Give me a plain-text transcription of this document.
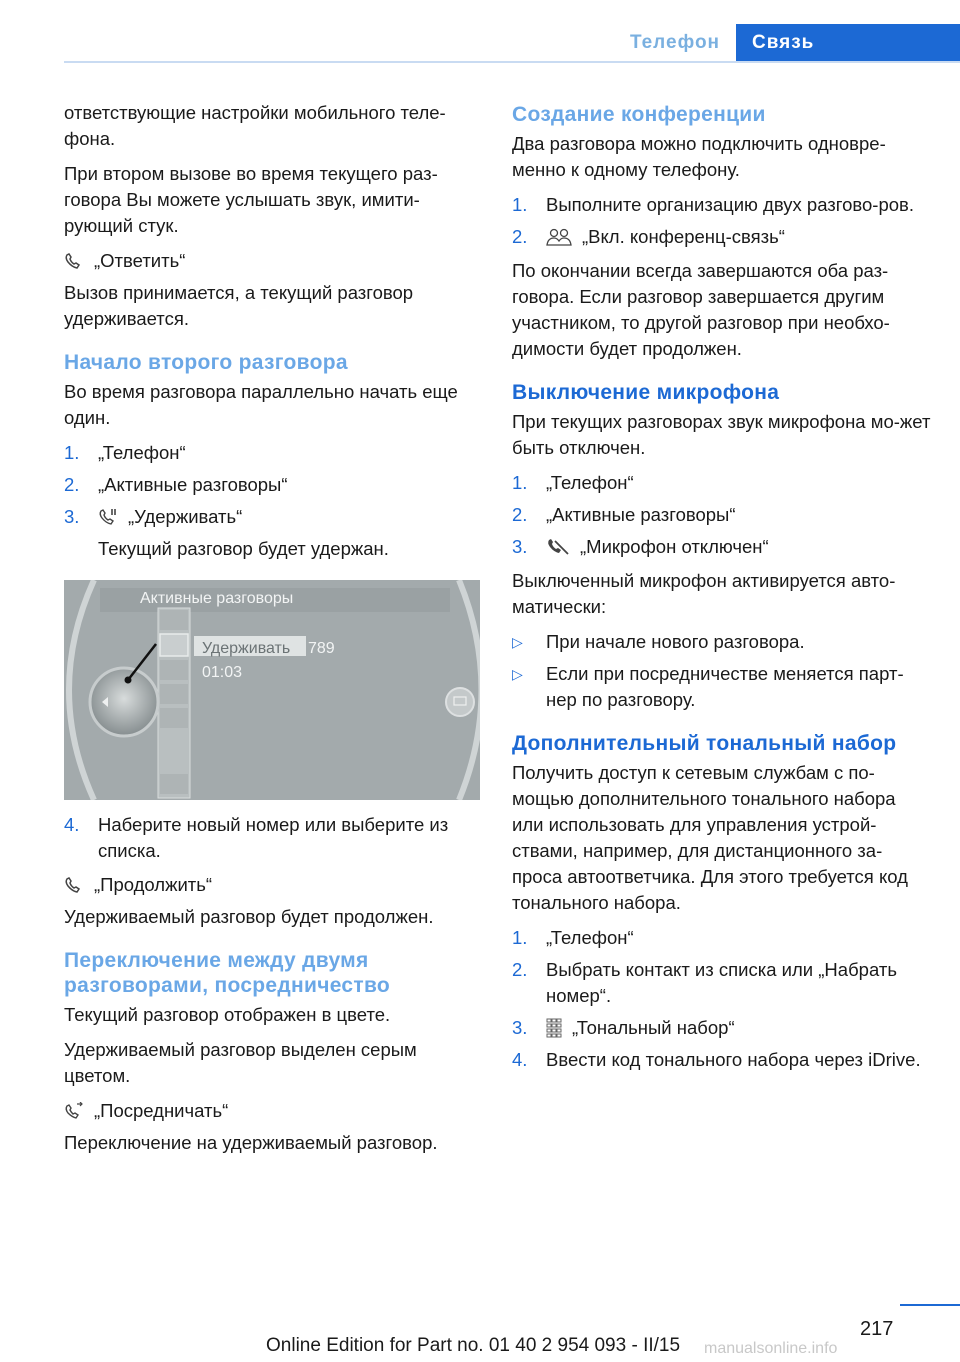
Телефон	Связь

ответствующие настройки мобильного теле-фона.

При втором вызове во время текущего раз-говора Вы можете услышать звук, имити-рующий стук.

„Ответить“

Вызов принимается, а текущий разговор удерживается.

Начало второго разговора

Во время разговора параллельно начать еще один.

1.	„Телефон“
2.	„Активные разговоры“
3.	„Удерживать“
Текущий разговор будет удержан.
Активные разговоры
Удерживать 789
01:03
4.	Наберите новый номер или выберите из списка.
„Продолжить“

Удерживаемый разговор будет продолжен.

Переключение между двумя разговорами, посредничество

Текущий разговор отображен в цвете.

Удерживаемый разговор выделен серым цветом.

„Посредничать“

Переключение на удерживаемый разговор.

Создание конференции

Два разговора можно подключить одновре-менно к одному телефону.

1.	Выполните организацию двух разгово-ров.
2.	„Вкл. конференц-связь“

По окончании всегда завершаются оба раз-говора. Если разговор завершается другим участником, то другой разговор при необхо-димости будет продолжен.

Выключение микрофона

При текущих разговорах звук микрофона мо-жет быть отключен.

1.	„Телефон“
2.	„Активные разговоры“
3.	„Микрофон отключен“

Выключенный микрофон активируется авто-матически:

▷	При начале нового разговора.
▷	Если при посредничестве меняется парт-нер по разговору.
Дополнительный тональный набор

Получить доступ к сетевым службам с по-мощью дополнительного тонального набора или использовать для управления устрой-ствами, например, для дистанционного за-проса автоответчика. Для этого требуется код тонального набора.

1.	„Телефон“
2.	Выбрать контакт из списка или „Набрать номер“.
3.	„Тональный набор“
4.	Ввести код тонального набора через iDrive.
217
Online Edition for Part no. 01 40 2 954 093 - II/15 manualsonline.info
